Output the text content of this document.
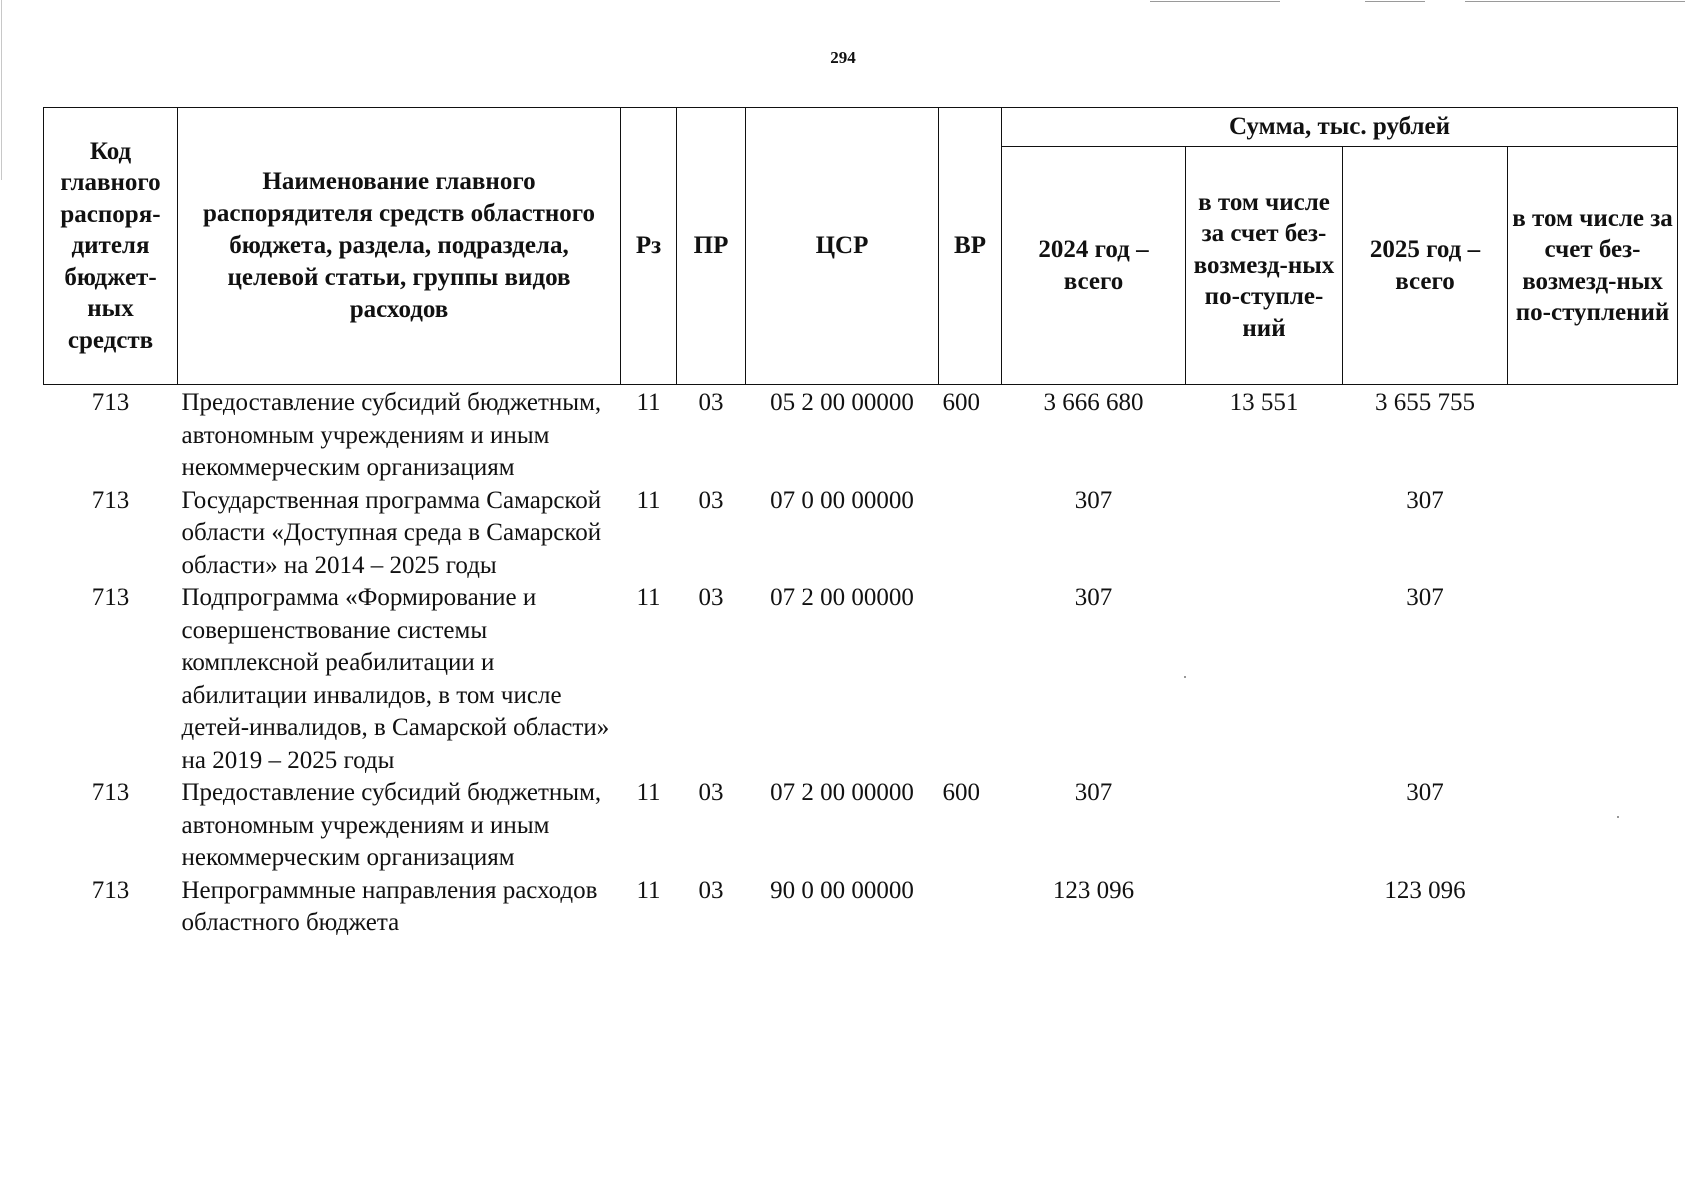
294
Код главного распоря-дителя бюджет-ных средств	Наименование главного распорядителя средств областного бюджета, раздела, подраздела, целевой статьи, группы видов расходов	Рз	ПР	ЦСР	ВР	Сумма, тыс. рублей			
						2024 год – всего	в том числе за счет без-возмезд-ных по-ступле-ний	2025 год – всего	в том числе за счет без-возмезд-ных по-ступлений
713	Предоставление субсидий бюджетным, автономным учреждениям и иным некоммерческим организациям	11	03	05 2 00 00000	600	3 666 680	13 551	3 655 755	
713	Государственная программа Самарской области «Доступная среда в Самарской области» на 2014 – 2025 годы	11	03	07 0 00 00000		307		307	
713	Подпрограмма «Формирование и совершенствование системы комплексной реабилитации и абилитации инвалидов, в том числе детей-инвалидов, в Самарской области» на 2019 – 2025 годы	11	03	07 2 00 00000		307		307	
713	Предоставление субсидий бюджетным, автономным учреждениям и иным некоммерческим организациям	11	03	07 2 00 00000	600	307		307	
713	Непрограммные направления расходов областного бюджета	11	03	90 0 00 00000		123 096		123 096	
